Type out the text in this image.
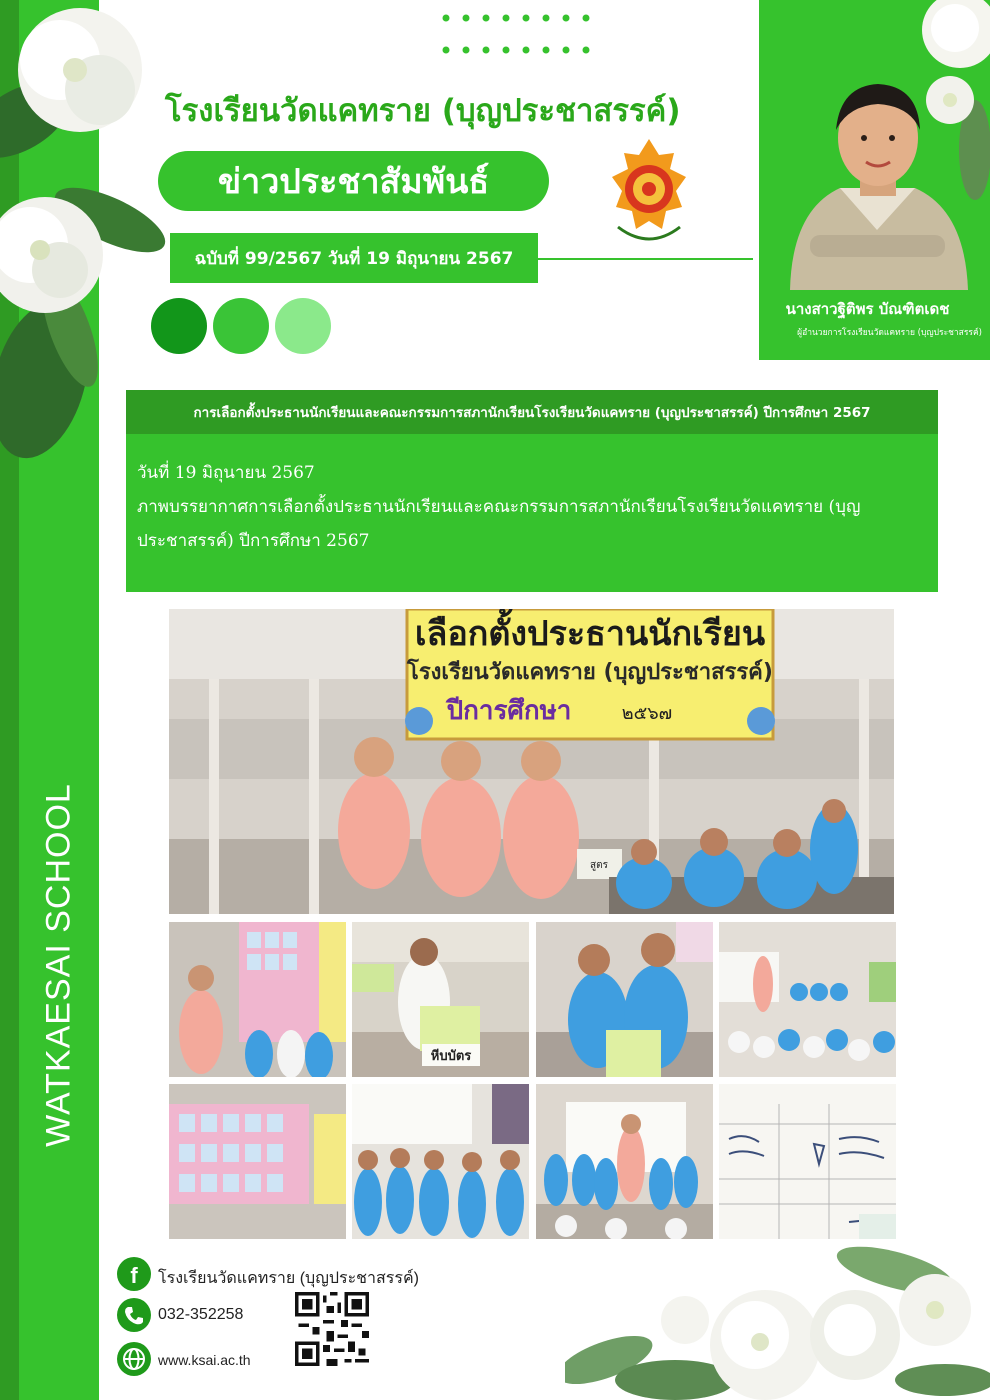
WATKAESAI SCHOOL
โรงเรียนวัดแคทราย (บุญประชาสรรค์)
ข่าวประชาสัมพันธ์
ฉบับที่ 99/2567 วันที่ 19 มิถุนายน 2567
นางสาวฐิติพร บัณฑิตเดช
ผู้อำนวยการโรงเรียนวัดแคทราย (บุญประชาสรรค์)
การเลือกตั้งประธานนักเรียนและคณะกรรมการสภานักเรียนโรงเรียนวัดแคทราย (บุญประชาสรรค์) ปีการศึกษา 2567

วันที่ 19 มิถุนายน 2567

ภาพบรรยากาศการเลือกตั้งประธานนักเรียนและคณะกรรมการสภานักเรียนโรงเรียนวัดแคทราย (บุญประชาสรรค์) ปีการศึกษา 2567

เลือกตั้งประธานนักเรียน
โรงเรียนวัดแคทราย (บุญประชาสรรค์)
ปีการศึกษา	๒๕๖๗
สูตร
หีบบัตร
f โรงเรียนวัดแคทราย (บุญประชาสรรค์)
032-352258
www.ksai.ac.th
